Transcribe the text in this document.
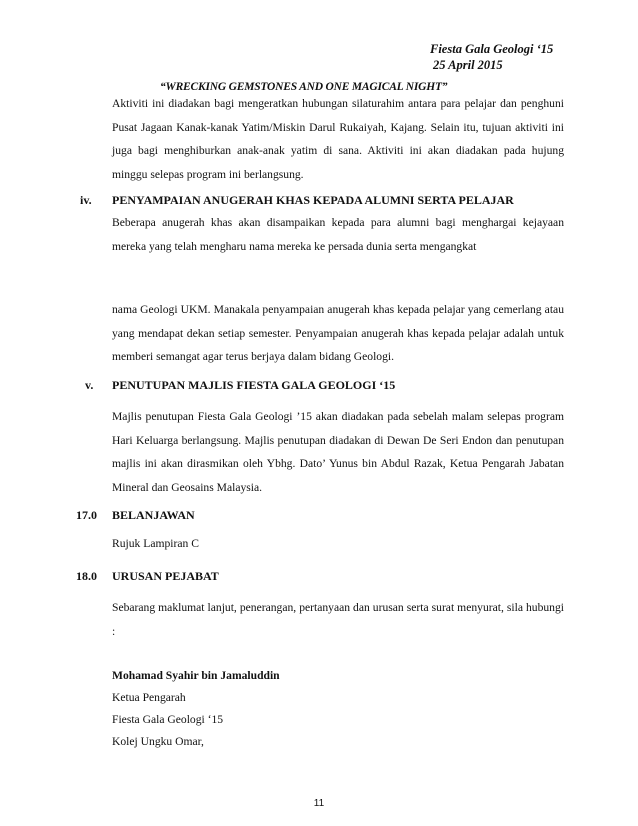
Fiesta Gala Geologi ‘15
25 April 2015
“WRECKING GEMSTONES AND ONE MAGICAL NIGHT”
Aktiviti ini diadakan bagi mengeratkan hubungan silaturahim antara para pelajar dan penghuni Pusat Jagaan Kanak-kanak Yatim/Miskin Darul Rukaiyah, Kajang. Selain itu, tujuan aktiviti ini juga bagi menghiburkan anak-anak yatim di sana. Aktiviti ini akan diadakan pada hujung minggu selepas program ini berlangsung.
iv. PENYAMPAIAN ANUGERAH KHAS KEPADA ALUMNI SERTA PELAJAR
Beberapa anugerah khas akan disampaikan kepada para alumni bagi menghargai kejayaan mereka yang telah mengharu nama mereka ke persada dunia serta mengangkat
nama Geologi UKM. Manakala penyampaian anugerah khas kepada pelajar yang cemerlang atau yang mendapat dekan setiap semester. Penyampaian anugerah khas kepada pelajar adalah untuk memberi semangat agar terus berjaya dalam bidang Geologi.
v. PENUTUPAN MAJLIS FIESTA GALA GEOLOGI ‘15
Majlis penutupan Fiesta Gala Geologi ’15 akan diadakan pada sebelah malam selepas program Hari Keluarga berlangsung. Majlis penutupan diadakan di Dewan De Seri Endon dan penutupan majlis ini akan dirasmikan oleh Ybhg. Dato’ Yunus bin Abdul Razak, Ketua Pengarah Jabatan Mineral dan Geosains Malaysia.
17.0 BELANJAWAN
Rujuk Lampiran C
18.0 URUSAN PEJABAT
Sebarang maklumat lanjut, penerangan, pertanyaan dan urusan serta surat menyurat, sila hubungi :
Mohamad Syahir bin Jamaluddin
Ketua Pengarah
Fiesta Gala Geologi ‘15
Kolej Ungku Omar,
11
